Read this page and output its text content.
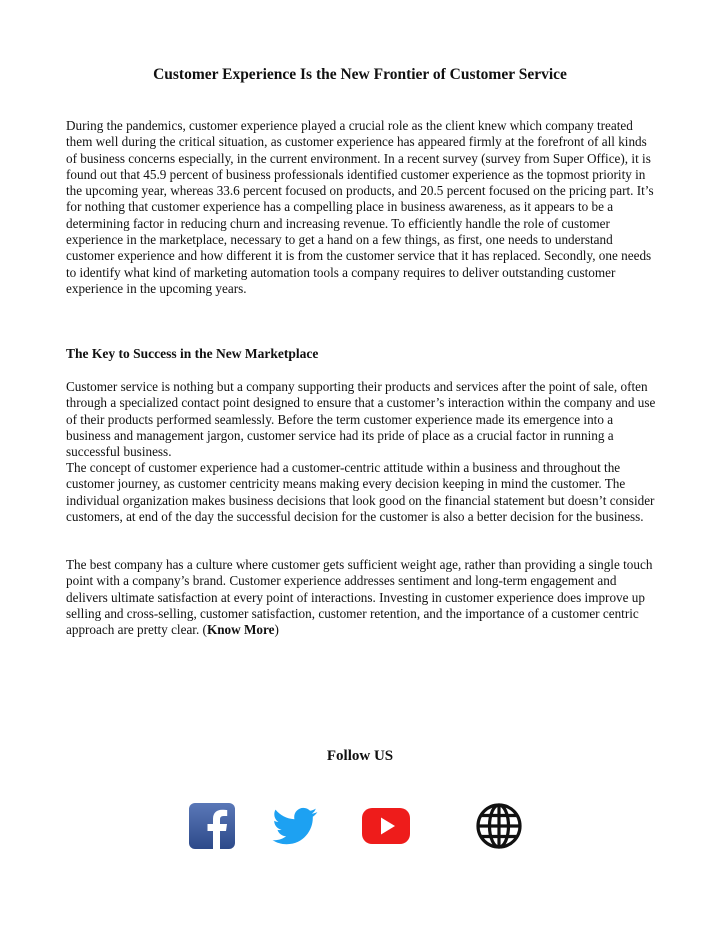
Customer Experience Is the New Frontier of Customer Service

During the pandemics, customer experience played a crucial role as the client knew which company treated them well during the critical situation, as customer experience has appeared firmly at the forefront of all kinds of business concerns especially, in the current environment. In a recent survey (survey from Super Office), it is found out that 45.9 percent of business professionals identified customer experience as the topmost priority in the upcoming year, whereas 33.6 percent focused on products, and 20.5 percent focused on the pricing part. It’s for nothing that customer experience has a compelling place in business awareness, as it appears to be a determining factor in reducing churn and increasing revenue. To efficiently handle the role of customer experience in the marketplace, necessary to get a hand on a few things, as first, one needs to understand customer experience and how different it is from the customer service that it has replaced. Secondly, one needs to identify what kind of marketing automation tools a company requires to deliver outstanding customer experience in the upcoming years.

The Key to Success in the New Marketplace

Customer service is nothing but a company supporting their products and services after the point of sale, often through a specialized contact point designed to ensure that a customer’s interaction within the company and use of their products performed seamlessly. Before the term customer experience made its emergence into a business and management jargon, customer service had its pride of place as a crucial factor in running a successful business.

The concept of customer experience had a customer-centric attitude within a business and throughout the customer journey, as customer centricity means making every decision keeping in mind the customer. The individual organization makes business decisions that look good on the financial statement but doesn’t consider customers, at end of the day the successful decision for the customer is also a better decision for the business.

The best company has a culture where customer gets sufficient weight age, rather than providing a single touch point with a company’s brand. Customer experience addresses sentiment and long-term engagement and delivers ultimate satisfaction at every point of interactions. Investing in customer experience does improve up selling and cross-selling, customer satisfaction, customer retention, and the importance of a customer centric approach are pretty clear. (Know More)

Follow US
